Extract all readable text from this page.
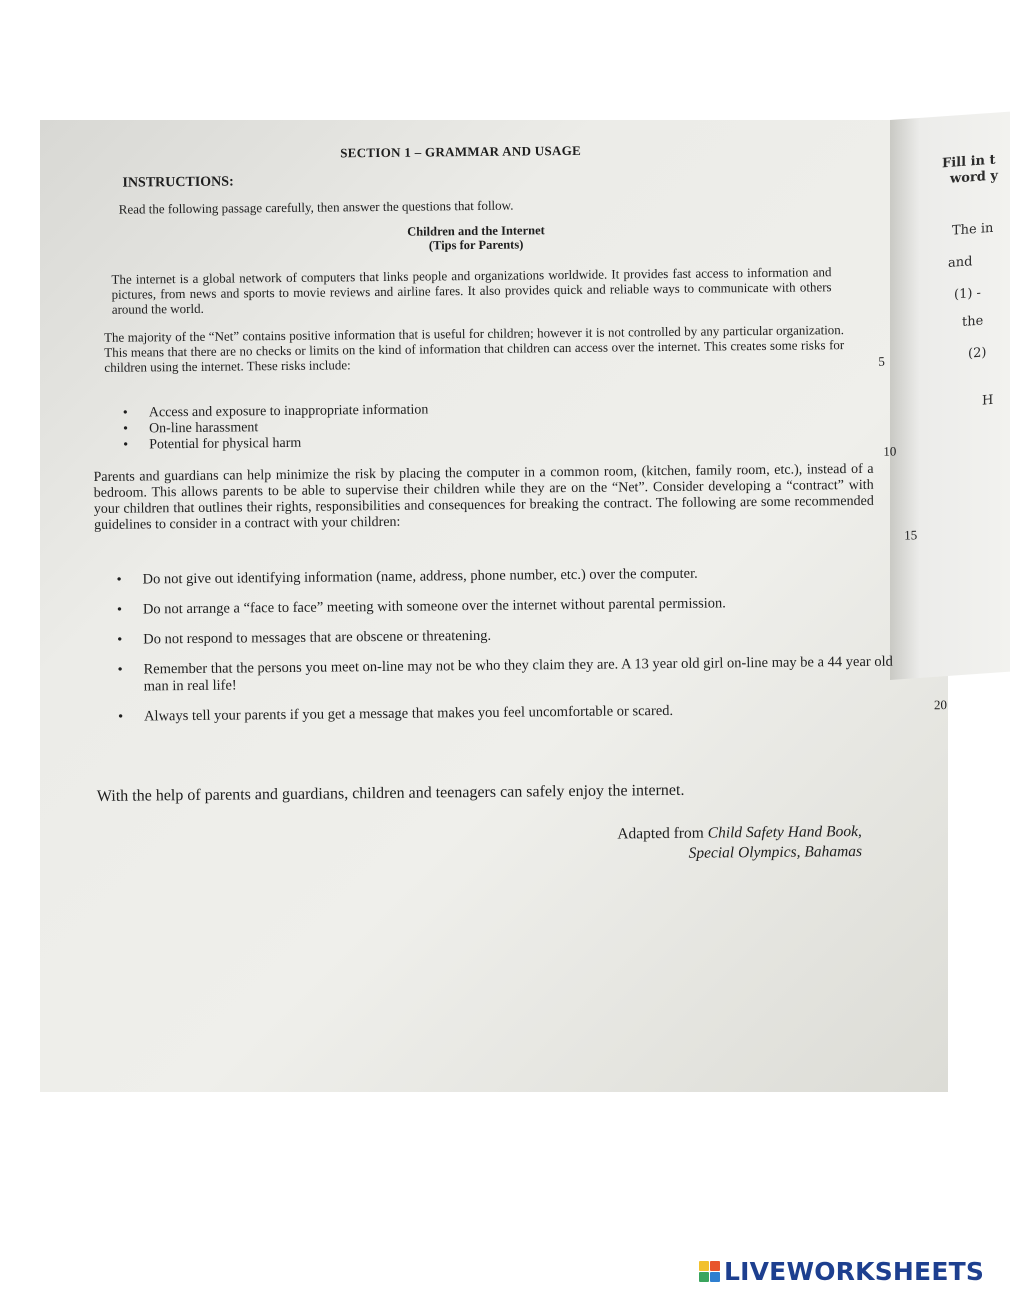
Fill in t
word y
The in
and
(1) -
the
(2)
H
SECTION 1 – GRAMMAR AND USAGE
INSTRUCTIONS:
Read the following passage carefully, then answer the questions that follow.
Children and the Internet
(Tips for Parents)
The internet is a global network of computers that links people and organizations worldwide. It provides fast access to information and pictures, from news and sports to movie reviews and airline fares. It also provides quick and reliable ways to communicate with others around the world.
The majority of the “Net” contains positive information that is useful for children; however it is not controlled by any particular organization. This means that there are no checks or limits on the kind of information that children can access over the internet. This creates some risks for children using the internet. These risks include:
• Access and exposure to inappropriate information
• On-line harassment
• Potential for physical harm
Parents and guardians can help minimize the risk by placing the computer in a common room, (kitchen, family room, etc.), instead of a bedroom. This allows parents to be able to supervise their children while they are on the “Net”. Consider developing a “contract” with your children that outlines their rights, responsibilities and consequences for breaking the contract. The following are some recommended guidelines to consider in a contract with your children:
• Do not give out identifying information (name, address, phone number, etc.) over the computer.
• Do not arrange a “face to face” meeting with someone over the internet without parental permission.
• Do not respond to messages that are obscene or threatening.
• Remember that the persons you meet on-line may not be who they claim they are. A 13 year old girl on-line may be a 44 year old man in real life!
• Always tell your parents if you get a message that makes you feel uncomfortable or scared.
5
10
15
20
With the help of parents and guardians, children and teenagers can safely enjoy the internet.
Adapted from Child Safety Hand Book,
Special Olympics, Bahamas
LIVEWORKSHEETS
